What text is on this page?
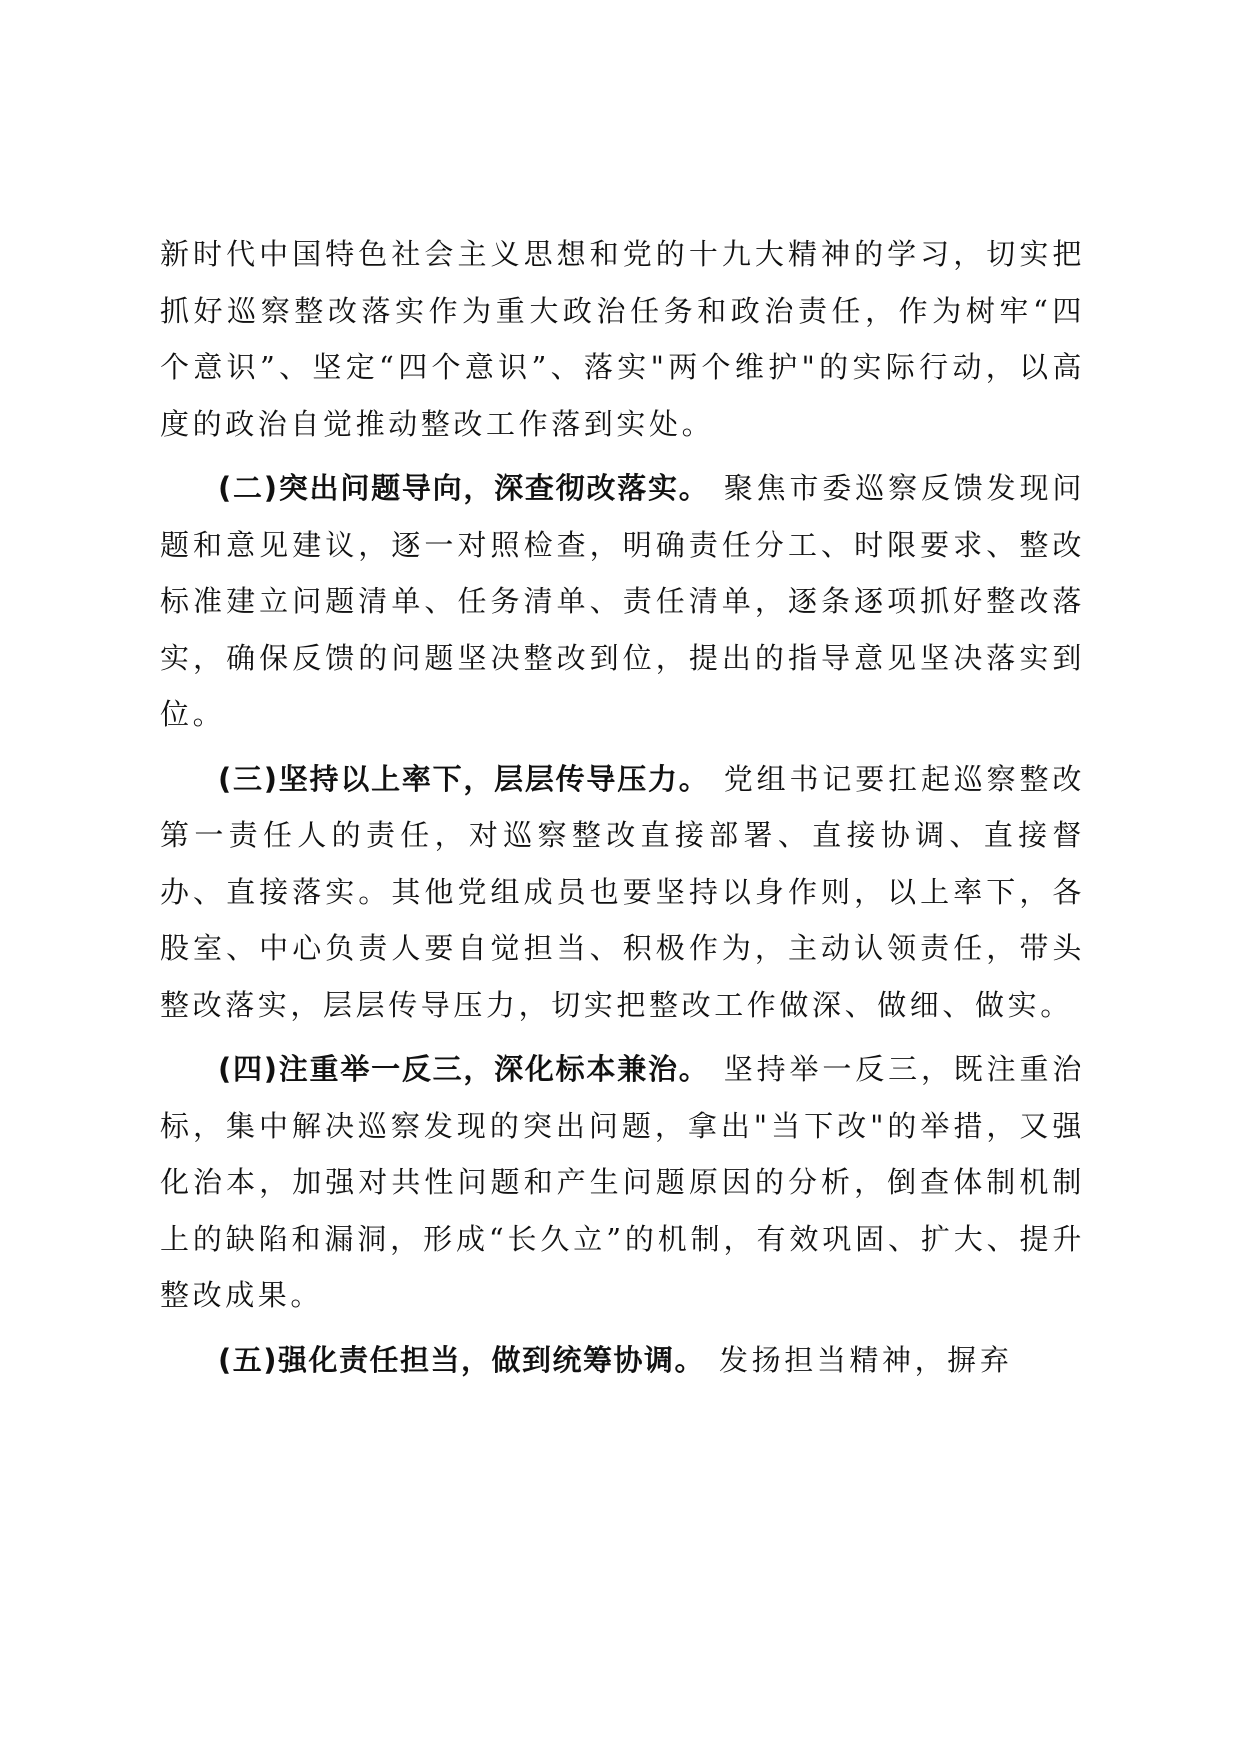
新时代中国特色社会主义思想和党的十九大精神的学习，切实把抓好巡察整改落实作为重大政治任务和政治责任，作为树牢“四个意识”、坚定“四个意识”、落实"两个维护"的实际行动，以高度的政治自觉推动整改工作落到实处。

(二)突出问题导向，深查彻改落实。 聚焦市委巡察反馈发现问题和意见建议，逐一对照检查，明确责任分工、时限要求、整改标准建立问题清单、任务清单、责任清单，逐条逐项抓好整改落实，确保反馈的问题坚决整改到位，提出的指导意见坚决落实到位。

(三)坚持以上率下，层层传导压力。 党组书记要扛起巡察整改第一责任人的责任，对巡察整改直接部署、直接协调、直接督办、直接落实。其他党组成员也要坚持以身作则，以上率下，各股室、中心负责人要自觉担当、积极作为，主动认领责任，带头整改落实，层层传导压力，切实把整改工作做深、做细、做实。

(四)注重举一反三，深化标本兼治。 坚持举一反三，既注重治标，集中解决巡察发现的突出问题，拿出"当下改"的举措，又强化治本，加强对共性问题和产生问题原因的分析，倒查体制机制上的缺陷和漏洞，形成“长久立”的机制，有效巩固、扩大、提升整改成果。

(五)强化责任担当，做到统筹协调。 发扬担当精神，摒弃
